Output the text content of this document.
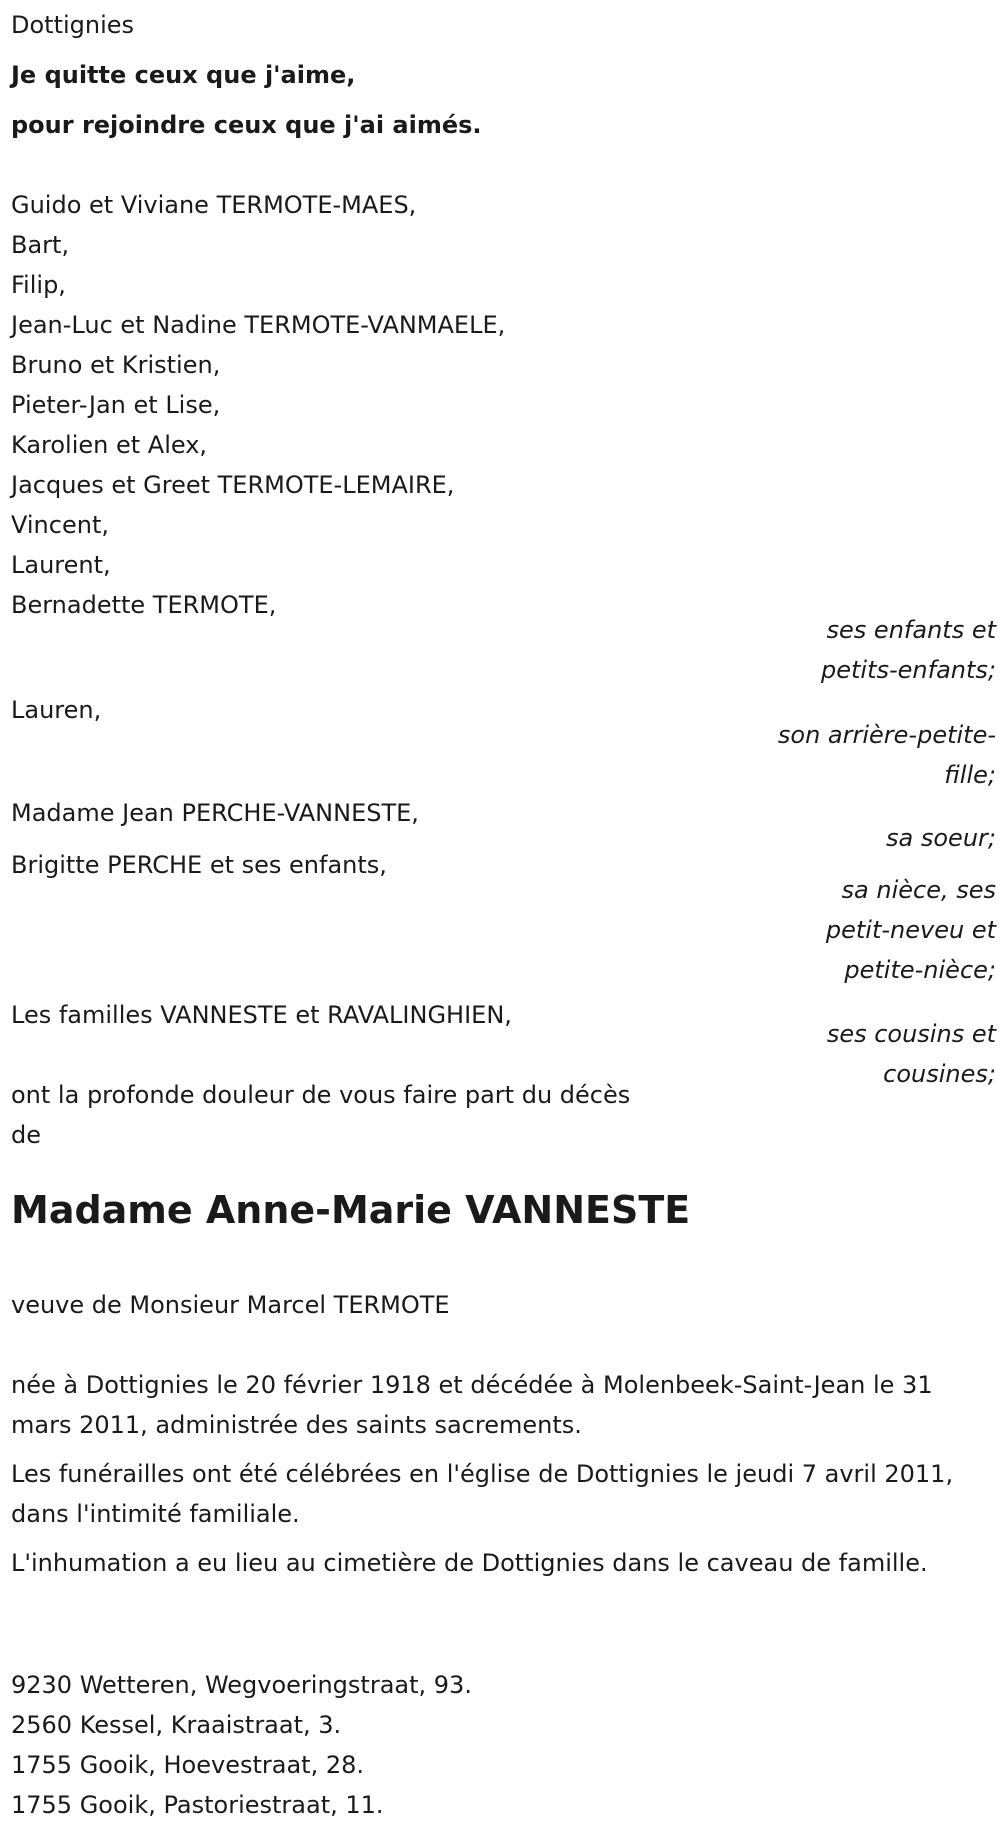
Dottignies
Je quitte ceux que j'aime,
pour rejoindre ceux que j'ai aimés.
Guido et Viviane TERMOTE-MAES,
Bart,
Filip,
Jean-Luc et Nadine TERMOTE-VANMAELE,
Bruno et Kristien,
Pieter-Jan et Lise,
Karolien et Alex,
Jacques et Greet TERMOTE-LEMAIRE,
Vincent,
Laurent,
Bernadette TERMOTE,
ses enfants et
petits-enfants;
Lauren,
son arrière-petite-
fille;
Madame Jean PERCHE-VANNESTE,
sa soeur;
Brigitte PERCHE et ses enfants,
sa nièce, ses
petit-neveu et
petite-nièce;
Les familles VANNESTE et RAVALINGHIEN,
ses cousins et
cousines;
ont la profonde douleur de vous faire part du décès
de
Madame Anne-Marie VANNESTE
veuve de Monsieur Marcel TERMOTE
née à Dottignies le 20 février 1918 et décédée à Molenbeek-Saint-Jean le 31 mars 2011, administrée des saints sacrements.
Les funérailles ont été célébrées en l'église de Dottignies le jeudi 7 avril 2011, dans l'intimité familiale.
L'inhumation a eu lieu au cimetière de Dottignies dans le caveau de famille.
9230 Wetteren, Wegvoeringstraat, 93.
2560 Kessel, Kraaistraat, 3.
1755 Gooik, Hoevestraat, 28.
1755 Gooik, Pastoriestraat, 11.
